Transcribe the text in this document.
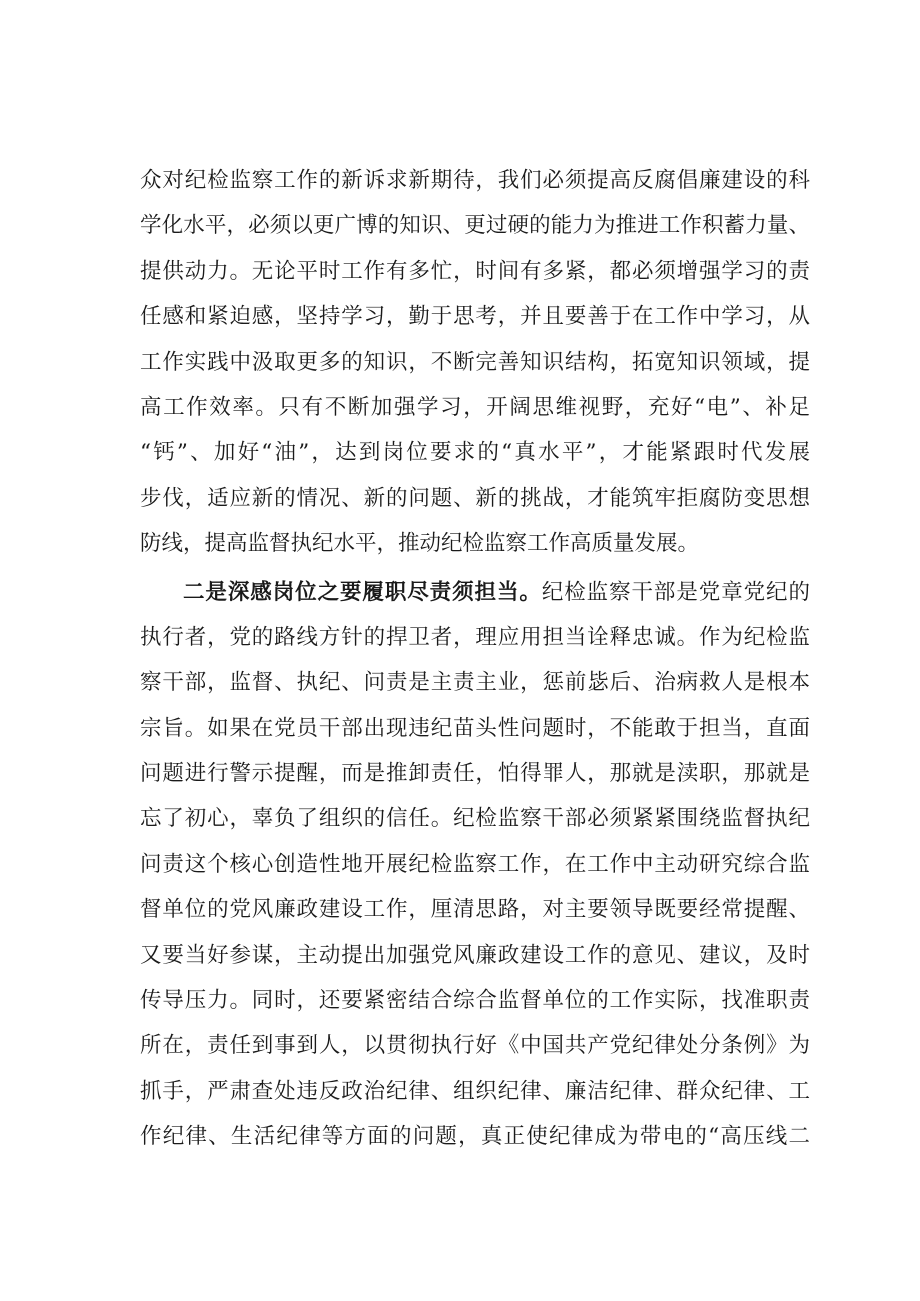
众对纪检监察工作的新诉求新期待，我们必须提高反腐倡廉建设的科
学化水平，必须以更广博的知识、更过硬的能力为推进工作积蓄力量、
提供动力。无论平时工作有多忙，时间有多紧，都必须增强学习的责
任感和紧迫感，坚持学习，勤于思考，并且要善于在工作中学习，从
工作实践中汲取更多的知识，不断完善知识结构，拓宽知识领域，提
高工作效率。只有不断加强学习，开阔思维视野，充好“电”、补足
“钙”、加好“油”，达到岗位要求的“真水平”，才能紧跟时代发展
步伐，适应新的情况、新的问题、新的挑战，才能筑牢拒腐防变思想
防线，提高监督执纪水平，推动纪检监察工作高质量发展。
二是深感岗位之要履职尽责须担当。纪检监察干部是党章党纪的
执行者，党的路线方针的捍卫者，理应用担当诠释忠诚。作为纪检监
察干部，监督、执纪、问责是主责主业，惩前毖后、治病救人是根本
宗旨。如果在党员干部出现违纪苗头性问题时，不能敢于担当，直面
问题进行警示提醒，而是推卸责任，怕得罪人，那就是渎职，那就是
忘了初心，辜负了组织的信任。纪检监察干部必须紧紧围绕监督执纪
问责这个核心创造性地开展纪检监察工作，在工作中主动研究综合监
督单位的党风廉政建设工作，厘清思路，对主要领导既要经常提醒、
又要当好参谋，主动提出加强党风廉政建设工作的意见、建议，及时
传导压力。同时，还要紧密结合综合监督单位的工作实际，找准职责
所在，责任到事到人，以贯彻执行好《中国共产党纪律处分条例》为
抓手，严肃查处违反政治纪律、组织纪律、廉洁纪律、群众纪律、工
作纪律、生活纪律等方面的问题，真正使纪律成为带电的“高压线二
